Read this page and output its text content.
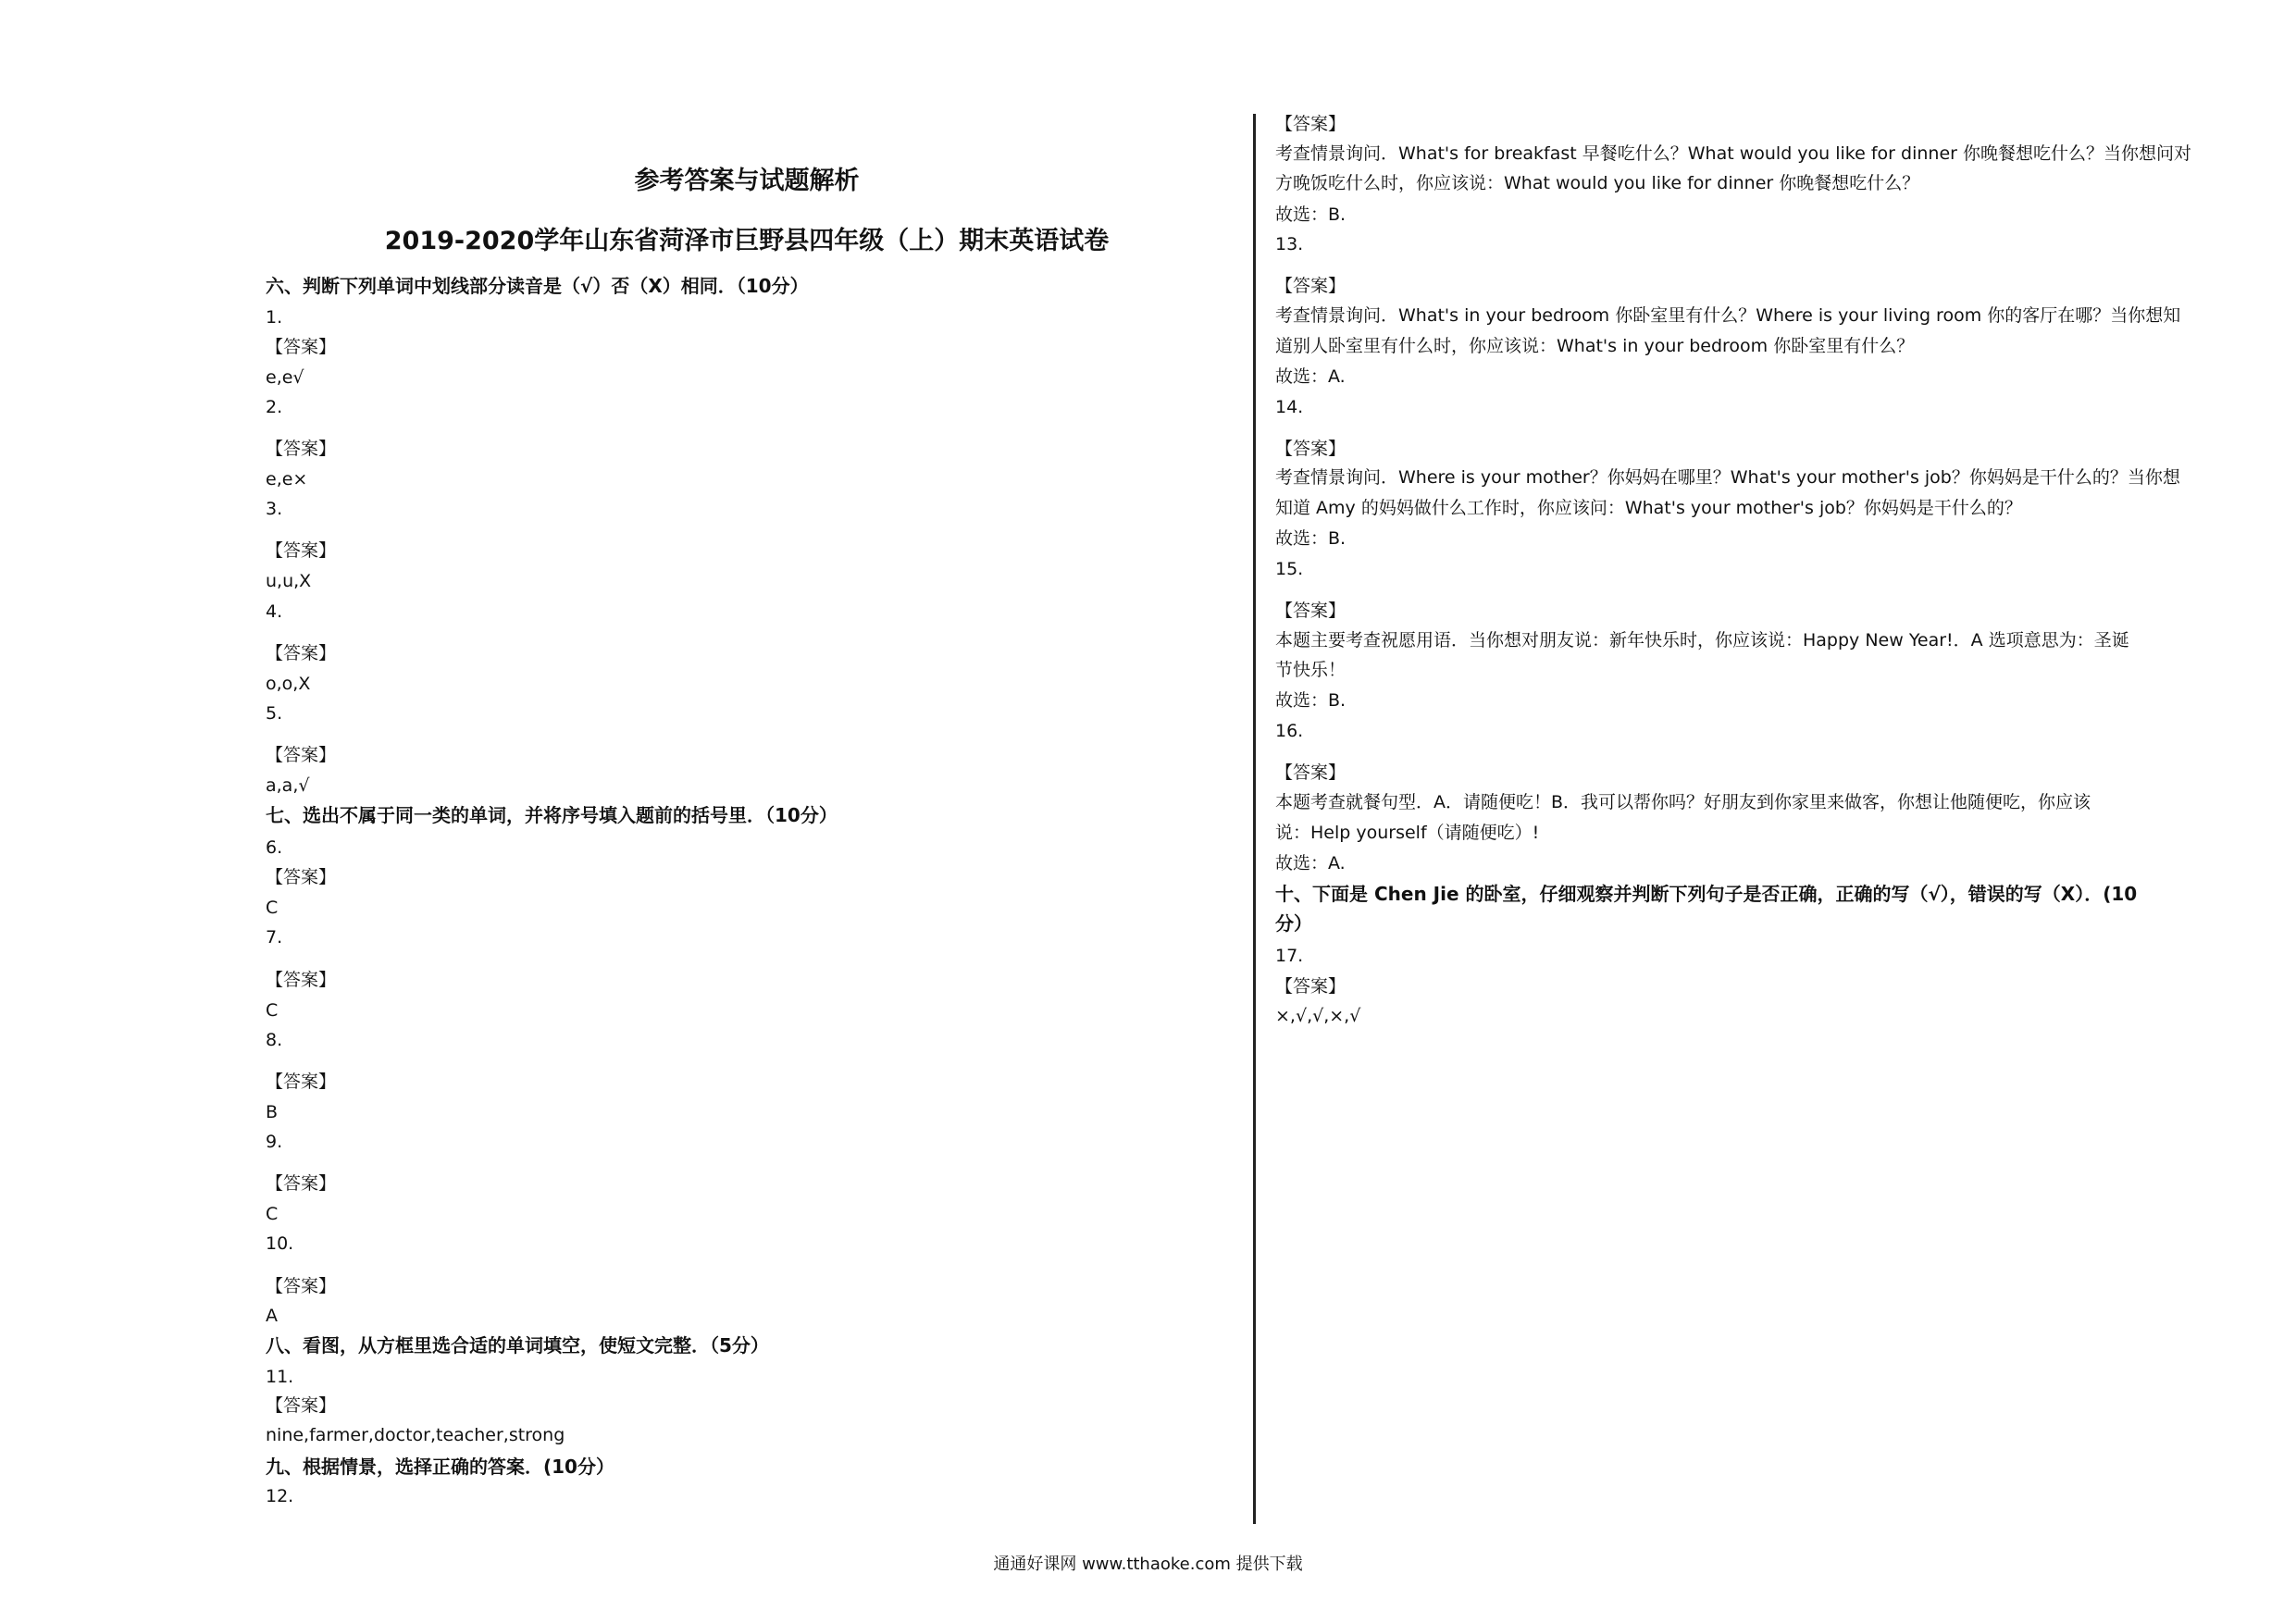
参考答案与试题解析
2019-2020学年山东省菏泽市巨野县四年级（上）期末英语试卷
六、判断下列单词中划线部分读音是（√）否（X）相同．（10分）
1.
【答案】
e,e√
2.
【答案】
e,e×
3.
【答案】
u,u,X
4.
【答案】
o,o,X
5.
【答案】
a,a,√
七、选出不属于同一类的单词，并将序号填入题前的括号里．（10分）
6.
【答案】
C
7.
【答案】
C
8.
【答案】
B
9.
【答案】
C
10.
【答案】
A
八、看图，从方框里选合适的单词填空，使短文完整．（5分）
11.
【答案】
nine,farmer,doctor,teacher,strong
九、根据情景，选择正确的答案．(10分）
12.
【答案】
考查情景询问．What's for breakfast 早餐吃什么？What would you like for dinner 你晚餐想吃什么？当你想问对
方晚饭吃什么时，你应该说：What would you like for dinner 你晚餐想吃什么？
故选：B.
13.
【答案】
考查情景询问．What's in your bedroom 你卧室里有什么？Where is your living room 你的客厅在哪？当你想知
道别人卧室里有什么时，你应该说：What's in your bedroom 你卧室里有什么？
故选：A.
14.
【答案】
考查情景询问．Where is your mother？你妈妈在哪里？What's your mother's job？你妈妈是干什么的？当你想
知道 Amy 的妈妈做什么工作时，你应该问：What's your mother's job？你妈妈是干什么的？
故选：B.
15.
【答案】
本题主要考查祝愿用语．当你想对朋友说：新年快乐时，你应该说：Happy New Year!．A 选项意思为：圣诞
节快乐！
故选：B.
16.
【答案】
本题考查就餐句型．A．请随便吃！B．我可以帮你吗？好朋友到你家里来做客，你想让他随便吃，你应该
说：Help yourself（请随便吃）!
故选：A.
十、下面是 Chen Jie 的卧室，仔细观察并判断下列句子是否正确，正确的写（√），错误的写（X）．(10
分）
17.
【答案】
×,√,√,×,√
通通好课网 www.tthaoke.com 提供下载
